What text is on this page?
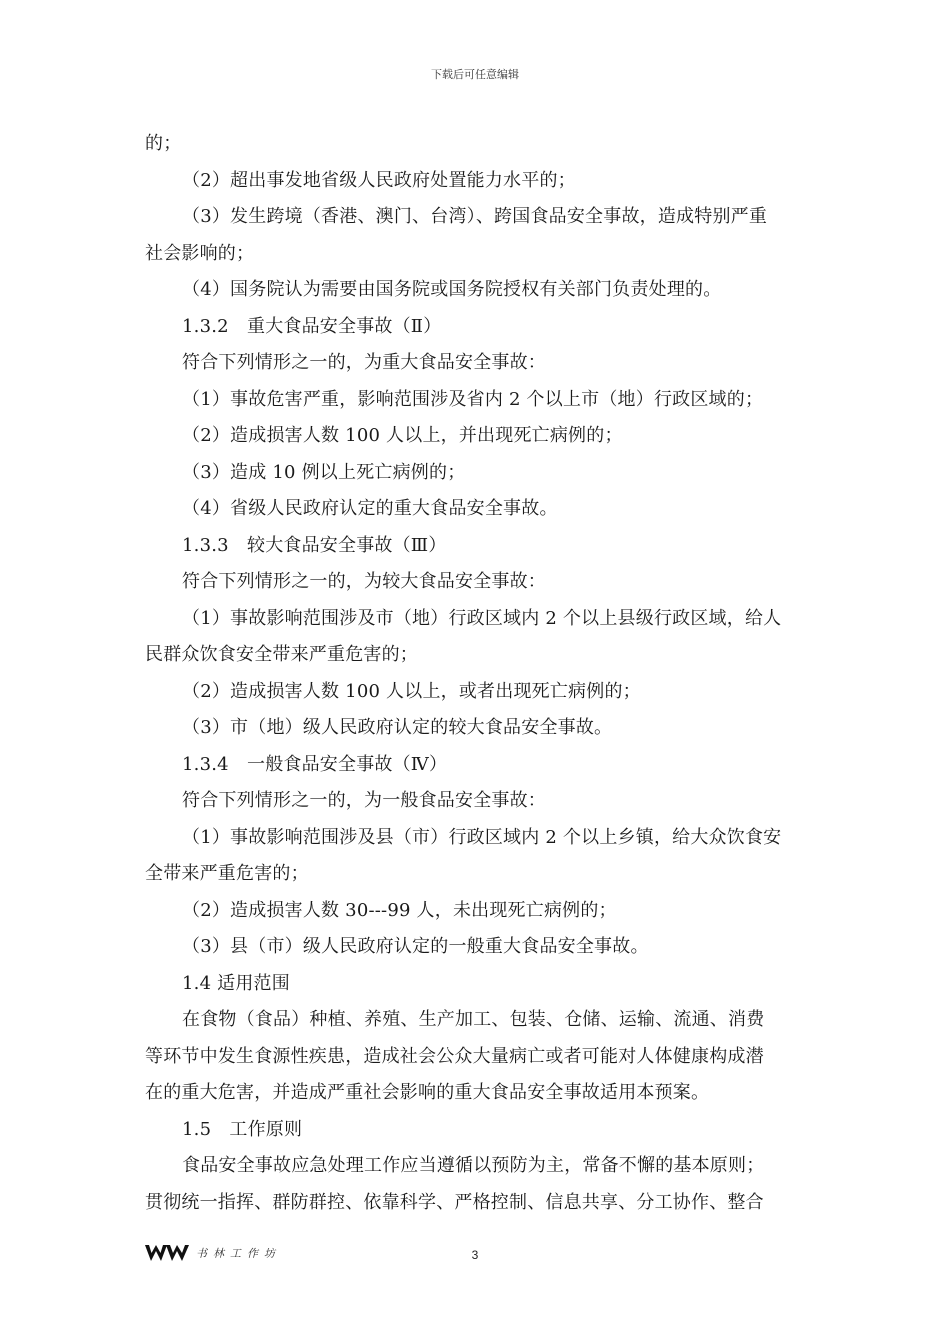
下载后可任意编辑
的；
（2）超出事发地省级人民政府处置能力水平的；
（3）发生跨境（香港、澳门、台湾）、跨国食品安全事故，造成特别严重
社会影响的；
（4）国务院认为需要由国务院或国务院授权有关部门负责处理的。
1.3.2　重大食品安全事故（Ⅱ）
符合下列情形之一的，为重大食品安全事故：
（1）事故危害严重，影响范围涉及省内 2 个以上市（地）行政区域的；
（2）造成损害人数 100 人以上，并出现死亡病例的；
（3）造成 10 例以上死亡病例的；
（4）省级人民政府认定的重大食品安全事故。
1.3.3　较大食品安全事故（Ⅲ）
符合下列情形之一的，为较大食品安全事故：
（1）事故影响范围涉及市（地）行政区域内 2 个以上县级行政区域，给人
民群众饮食安全带来严重危害的；
（2）造成损害人数 100 人以上，或者出现死亡病例的；
（3）市（地）级人民政府认定的较大食品安全事故。
1.3.4　一般食品安全事故（Ⅳ）
符合下列情形之一的，为一般食品安全事故：
（1）事故影响范围涉及县（市）行政区域内 2 个以上乡镇，给大众饮食安
全带来严重危害的；
（2）造成损害人数 30---99 人，未出现死亡病例的；
（3）县（市）级人民政府认定的一般重大食品安全事故。
1.4 适用范围
在食物（食品）种植、养殖、生产加工、包装、仓储、运输、流通、消费
等环节中发生食源性疾患，造成社会公众大量病亡或者可能对人体健康构成潜
在的重大危害，并造成严重社会影响的重大食品安全事故适用本预案。
1.5　工作原则
食品安全事故应急处理工作应当遵循以预防为主，常备不懈的基本原则；
贯彻统一指挥、群防群控、依靠科学、严格控制、信息共享、分工协作、整合
书林工作坊	3
